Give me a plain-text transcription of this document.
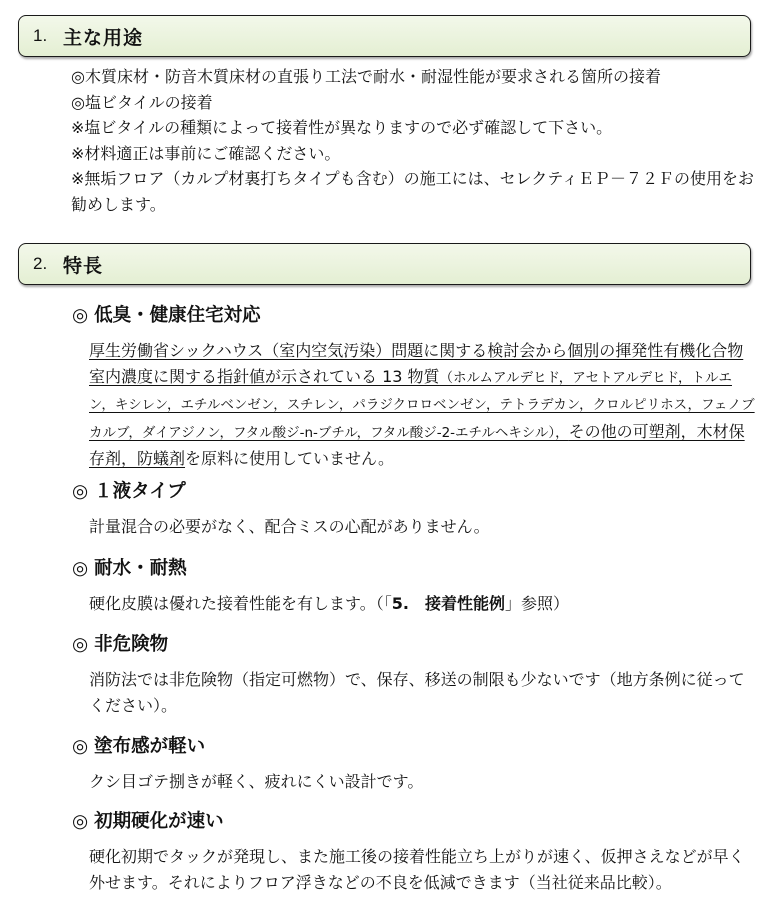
1. 主な用途
◎木質床材・防音木質床材の直張り工法で耐水・耐湿性能が要求される箇所の接着
◎塩ビタイルの接着
※塩ビタイルの種類によって接着性が異なりますので必ず確認して下さい。
※材料適正は事前にご確認ください。
※無垢フロア（カルプ材裏打ちタイプも含む）の施工には、セレクティＥＰ－７２Ｆの使用をお勧めします。
2. 特長
◎ 低臭・健康住宅対応
厚生労働省シックハウス（室内空気汚染）問題に関する検討会から個別の揮発性有機化合物室内濃度に関する指針値が示されている 13 物質（ホルムアルデヒド，アセトアルデヒド，トルエン，キシレン，エチルベンゼン，スチレン，パラジクロロベンゼン，テトラデカン，クロルピリホス，フェノブカルブ，ダイアジノン，フタル酸ジ-n-ブチル，フタル酸ジ-2-エチルヘキシル），その他の可塑剤，木材保存剤，防蟻剤を原料に使用していません。
◎ １液タイプ
計量混合の必要がなく、配合ミスの心配がありません。
◎ 耐水・耐熱
硬化皮膜は優れた接着性能を有します。（「5.　接着性能例」参照）
◎ 非危険物
消防法では非危険物（指定可燃物）で、保存、移送の制限も少ないです（地方条例に従ってください）。
◎ 塗布感が軽い
クシ目ゴテ捌きが軽く、疲れにくい設計です。
◎ 初期硬化が速い
硬化初期でタックが発現し、また施工後の接着性能立ち上がりが速く、仮押さえなどが早く外せます。それによりフロア浮きなどの不良を低減できます（当社従来品比較）。
